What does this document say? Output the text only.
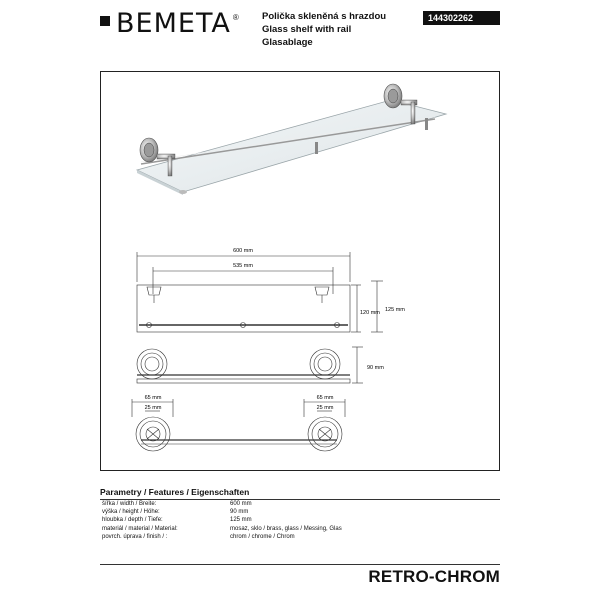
BEMETA ® Polička skleněná s hrazdou
Glass shelf with rail
Glasablage
144302262
600 mm
535 mm
125 mm
120 mm
90 mm
65 mm
25 mm
65 mm
25 mm
Parametry / Features / Eigenschaften
šířka / width / Breite:	600 mm
výška / height / Höhe:	90 mm
hloubka / depth / Tiefe:	125 mm
materiál / material / Material:	mosaz, sklo / brass, glass / Messing, Glas
povrch. úprava / finish / :	chrom / chrome / Chrom
RETRO-CHROM
